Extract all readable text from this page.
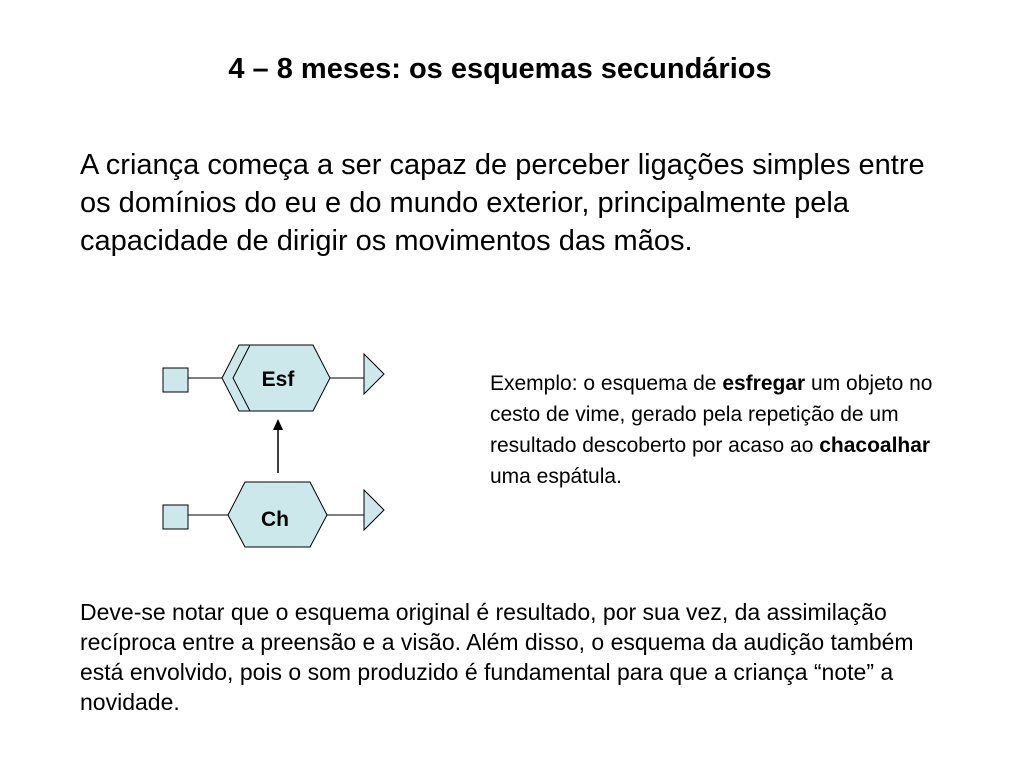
4 – 8 meses: os esquemas secundários

A criança começa a ser capaz de perceber ligações simples entre os domínios do eu e do mundo exterior, principalmente pela capacidade de dirigir os movimentos das mãos.

Esf
Ch

Exemplo: o esquema de esfregar um objeto no cesto de vime, gerado pela repetição de um resultado descoberto por acaso ao chacoalhar uma espátula.

Deve-se notar que o esquema original é resultado, por sua vez, da assimilação recíproca entre a preensão e a visão. Além disso, o esquema da audição também está envolvido, pois o som produzido é fundamental para que a criança “note” a novidade.
